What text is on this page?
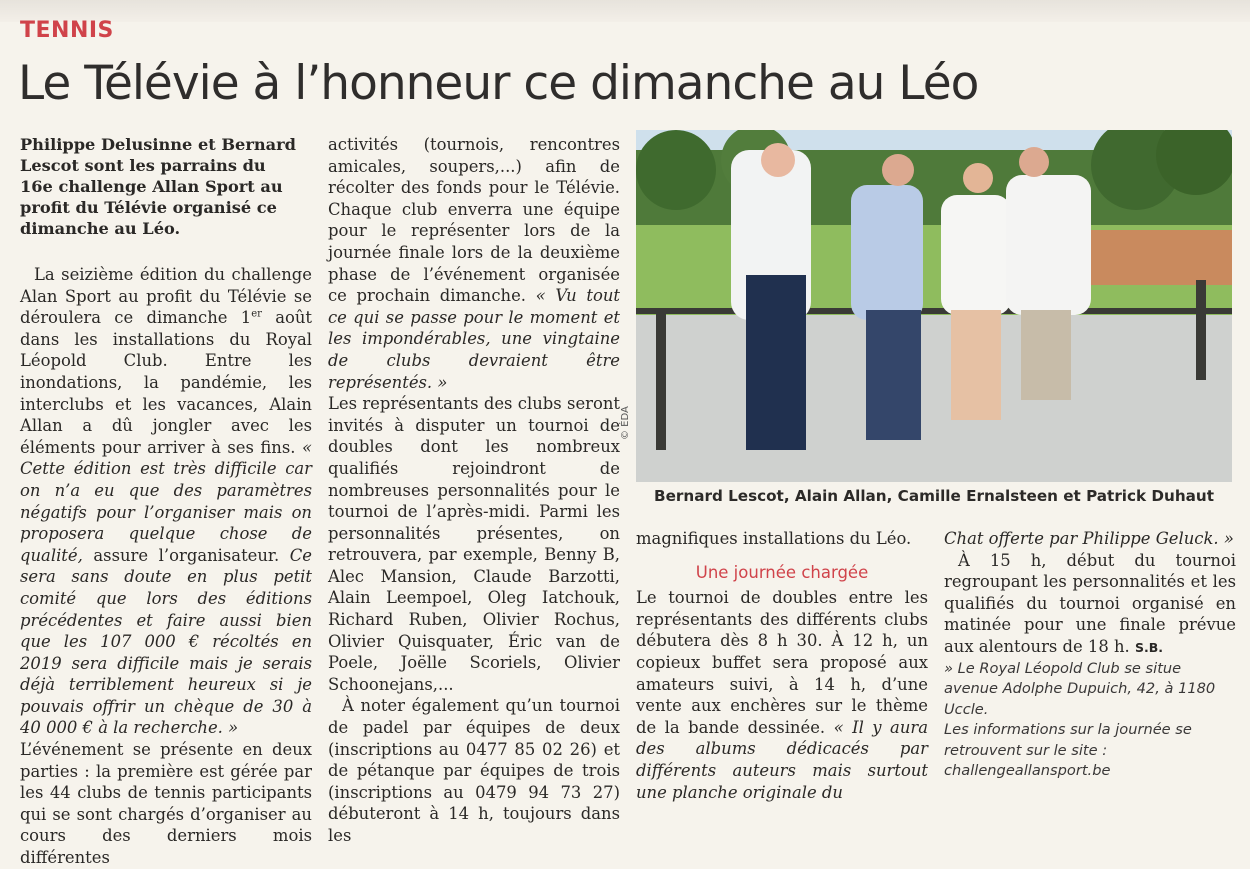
TENNIS
Le Télévie à l’honneur ce dimanche au Léo
Philippe Delusinne et Bernard Lescot sont les parrains du 16e challenge Allan Sport au profit du Télévie organisé ce dimanche au Léo.

La seizième édition du challenge Alan Sport au profit du Télévie se déroulera ce dimanche 1er août dans les installations du Royal Léopold Club. Entre les inondations, la pandémie, les interclubs et les vacances, Alain Allan a dû jongler avec les éléments pour arriver à ses fins. « Cette édition est très difficile car on n’a eu que des paramètres négatifs pour l’organiser mais on proposera quelque chose de qualité, assure l’organisateur. Ce sera sans doute en plus petit comité que lors des éditions précédentes et faire aussi bien que les 107 000 € récoltés en 2019 sera difficile mais je serais déjà terriblement heureux si je pouvais offrir un chèque de 30 à 40 000 € à la recherche. »

L’événement se présente en deux parties : la première est gérée par les 44 clubs de tennis participants qui se sont chargés d’organiser au cours des derniers mois différentes

activités (tournois, rencontres amicales, soupers,...) afin de récolter des fonds pour le Télévie. Chaque club enverra une équipe pour le représenter lors de la journée finale lors de la deuxième phase de l’événement organisée ce prochain dimanche. « Vu tout ce qui se passe pour le moment et les impondérables, une vingtaine de clubs devraient être représentés. »

Les représentants des clubs seront invités à disputer un tournoi de doubles dont les nombreux qualifiés rejoindront de nombreuses personnalités pour le tournoi de l’après-midi. Parmi les personnalités présentes, on retrouvera, par exemple, Benny B, Alec Mansion, Claude Barzotti, Alain Leempoel, Oleg Iatchouk, Richard Ruben, Olivier Rochus, Olivier Quisquater, Éric van de Poele, Joëlle Scoriels, Olivier Schoonejans,...

À noter également qu’un tournoi de padel par équipes de deux (inscriptions au 0477 85 02 26) et de pétanque par équipes de trois (inscriptions au 0479 94 73 27) débuteront à 14 h, toujours dans les

© ÉDA
Bernard Lescot, Alain Allan, Camille Ernalsteen et Patrick Duhaut

magnifiques installations du Léo.

Une journée chargée

Le tournoi de doubles entre les représentants des différents clubs débutera dès 8 h 30. À 12 h, un copieux buffet sera proposé aux amateurs suivi, à 14 h, d’une vente aux enchères sur le thème de la bande dessinée. « Il y aura des albums dédicacés par différents auteurs mais surtout une planche originale du

Chat offerte par Philippe Geluck. »

À 15 h, début du tournoi regroupant les personnalités et les qualifiés du tournoi organisé en matinée pour une finale prévue aux alentours de 18 h. S.B.

» Le Royal Léopold Club se situe avenue Adolphe Dupuich, 42, à 1180 Uccle.

Les informations sur la journée se retrouvent sur le site : challengeallansport.be
